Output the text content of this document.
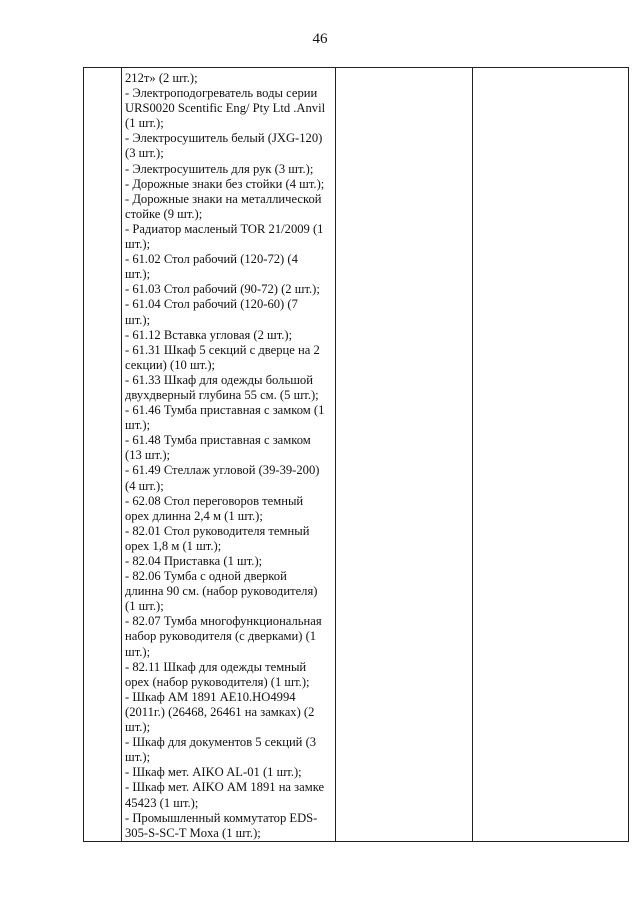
46

212т» (2 шт.);
- Электроподогреватель воды серии
URS0020 Scentific Eng/ Pty Ltd .Anvil
(1 шт.);
- Электросушитель белый (JXG-120)
(3 шт.);
- Электросушитель для рук (3 шт.);
- Дорожные знаки без стойки (4 шт.);
- Дорожные знаки на металлической
стойке (9 шт.);
- Радиатор масленый TOR 21/2009 (1
шт.);
- 61.02 Стол рабочий (120-72) (4
шт.);
- 61.03 Стол рабочий (90-72) (2 шт.);
- 61.04 Стол рабочий (120-60) (7
шт.);
- 61.12 Вставка угловая (2 шт.);
- 61.31 Шкаф 5 секций с дверце на 2
секции) (10 шт.);
- 61.33 Шкаф для одежды большой
двухдверный глубина 55 см. (5 шт.);
- 61.46 Тумба приставная с замком (1
шт.);
- 61.48 Тумба приставная с замком
(13 шт.);
- 61.49 Стеллаж угловой (39-39-200)
(4 шт.);
- 62.08 Стол переговоров темный
орех длинна 2,4 м (1 шт.);
- 82.01 Стол руководителя темный
орех 1,8 м (1 шт.);
- 82.04 Приставка (1 шт.);
- 82.06 Тумба с одной дверкой
длинна 90 см. (набор руководителя)
(1 шт.);
- 82.07 Тумба многофункциональная
набор руководителя (с дверками) (1
шт.);
- 82.11 Шкаф для одежды темный
орех (набор руководителя) (1 шт.);
- Шкаф АМ 1891 АЕ10.НО4994
(2011г.) (26468, 26461 на замках) (2
шт.);
- Шкаф для документов 5 секций (3
шт.);
- Шкаф мет. АIKO AL-01 (1 шт.);
- Шкаф мет. АIKO АМ 1891 на замке
45423 (1 шт.);
- Промышленный коммутатор EDS-
305-S-SC-T Moxa (1 шт.);
